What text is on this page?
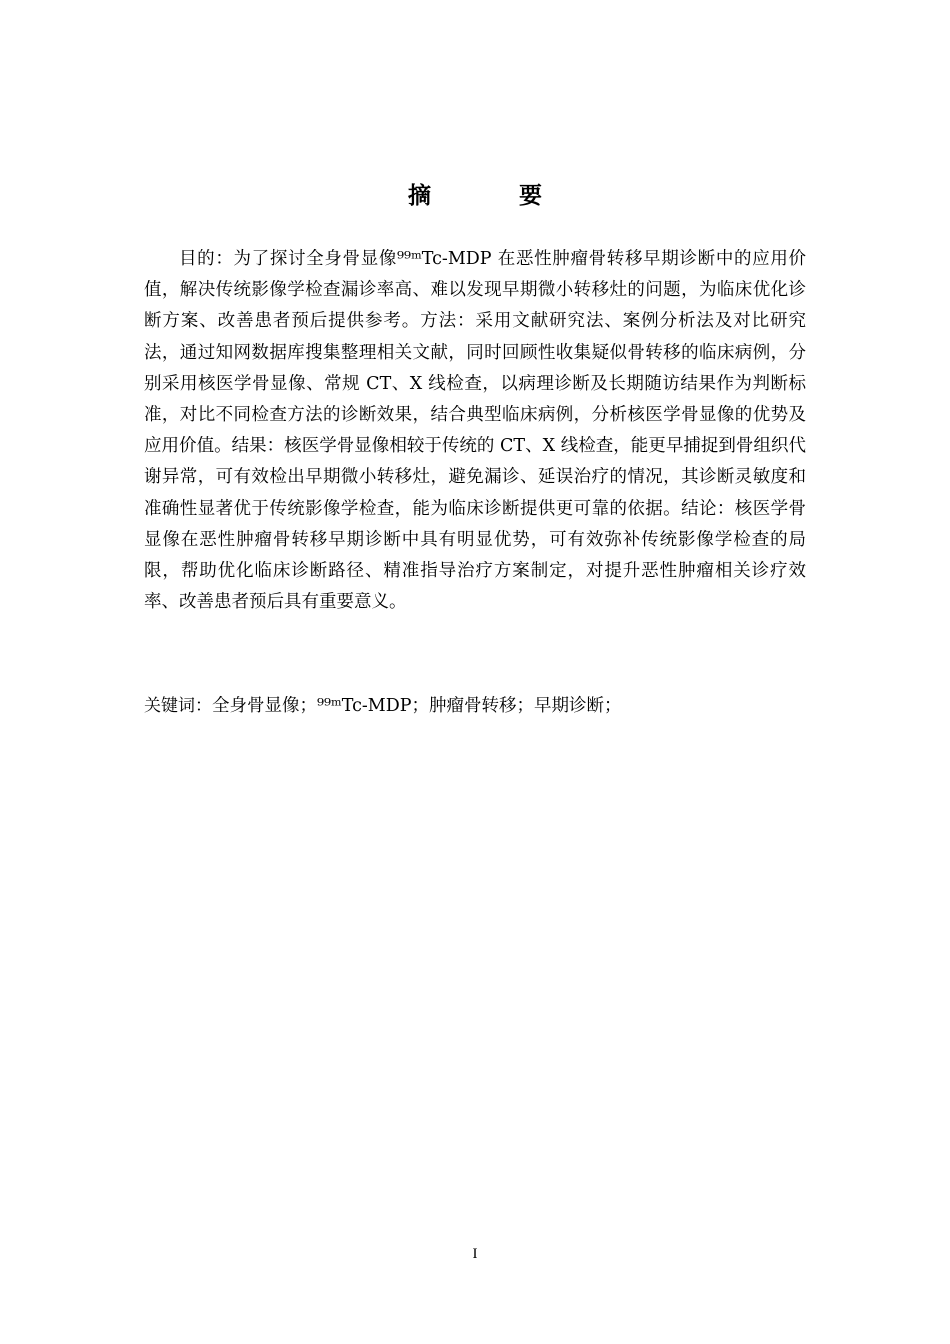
摘 要

目的：为了探讨全身骨显像⁹⁹ᵐTc-MDP 在恶性肿瘤骨转移早期诊断中的应用价值，解决传统影像学检查漏诊率高、难以发现早期微小转移灶的问题，为临床优化诊断方案、改善患者预后提供参考。方法：采用文献研究法、案例分析法及对比研究法，通过知网数据库搜集整理相关文献，同时回顾性收集疑似骨转移的临床病例，分别采用核医学骨显像、常规 CT、X 线检查，以病理诊断及长期随访结果作为判断标准，对比不同检查方法的诊断效果，结合典型临床病例，分析核医学骨显像的优势及应用价值。结果：核医学骨显像相较于传统的 CT、X 线检查，能更早捕捉到骨组织代谢异常，可有效检出早期微小转移灶，避免漏诊、延误治疗的情况，其诊断灵敏度和准确性显著优于传统影像学检查，能为临床诊断提供更可靠的依据。结论：核医学骨显像在恶性肿瘤骨转移早期诊断中具有明显优势，可有效弥补传统影像学检查的局限，帮助优化临床诊断路径、精准指导治疗方案制定，对提升恶性肿瘤相关诊疗效率、改善患者预后具有重要意义。

关键词：全身骨显像；⁹⁹ᵐTc-MDP；肿瘤骨转移；早期诊断；

I
